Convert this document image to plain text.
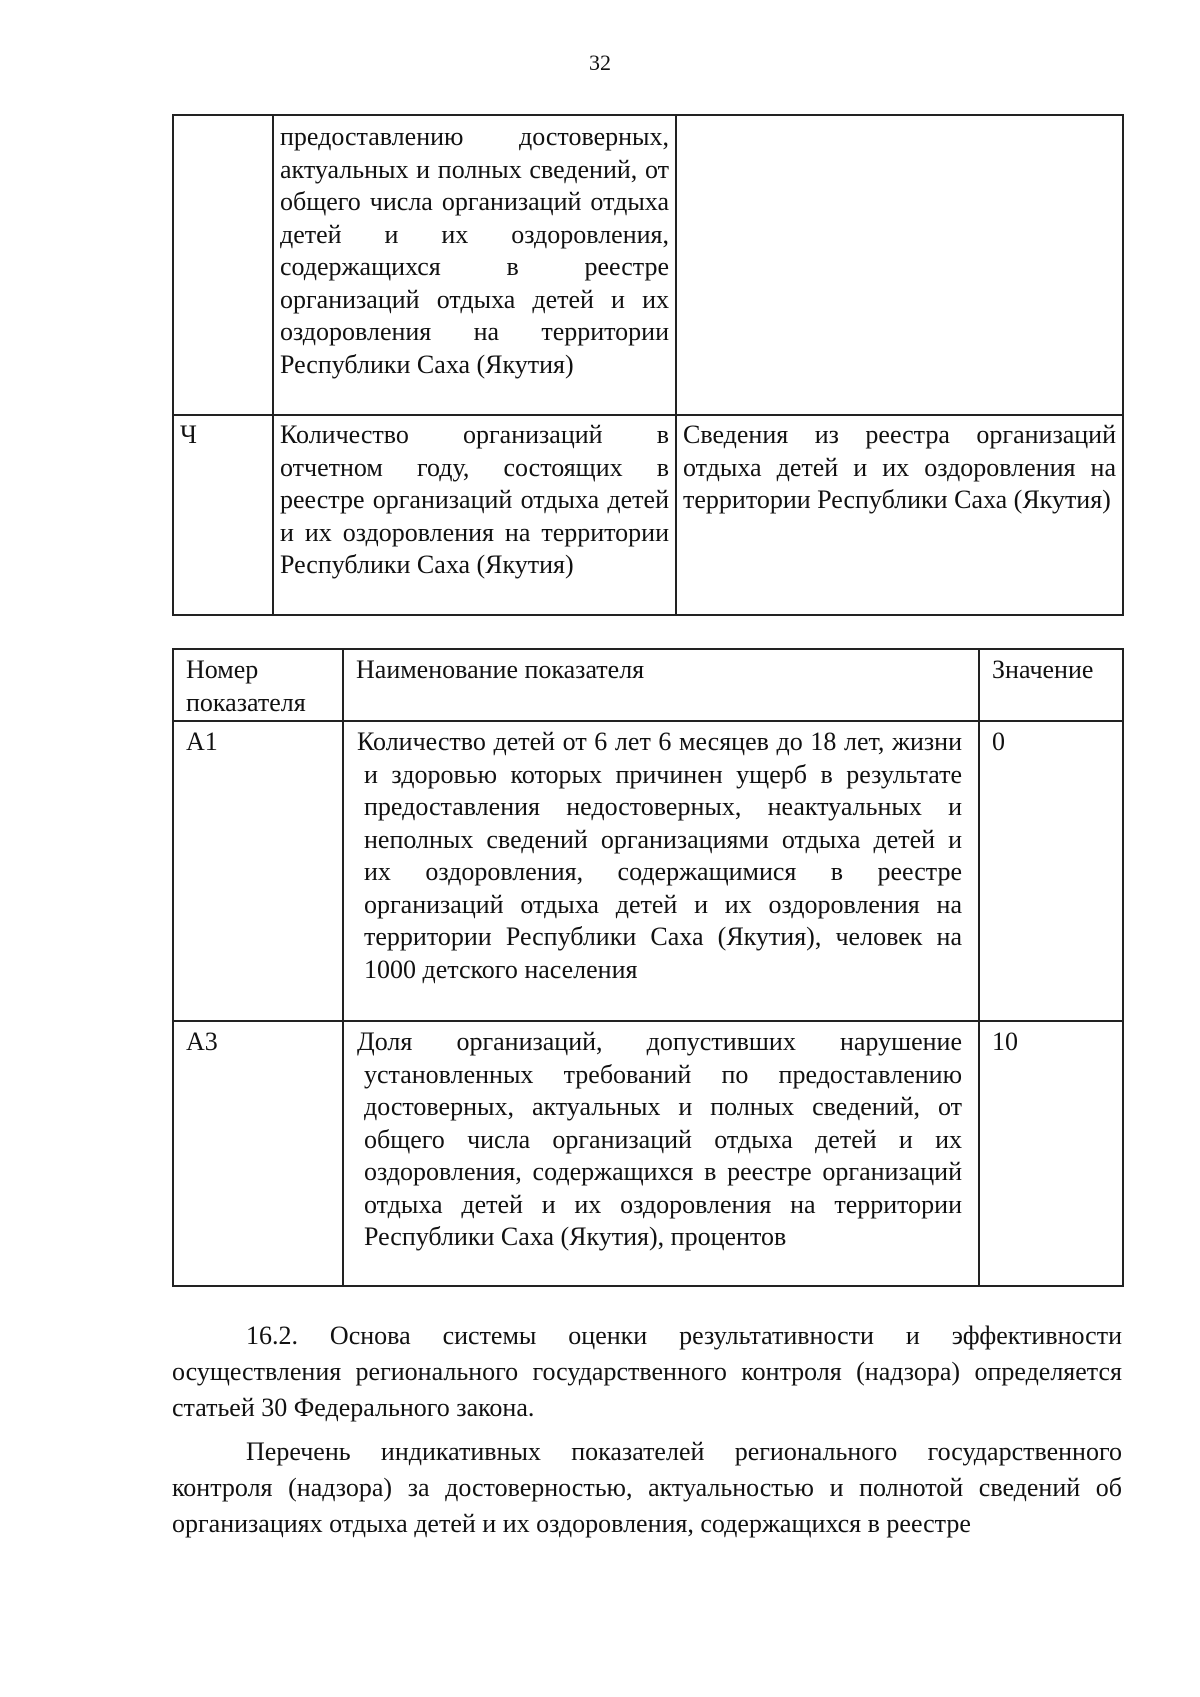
32
	предоставлению достоверных, актуальных и полных сведений, от общего числа организаций отдыха детей и их оздоровления, содержащихся в реестре организаций отдыха детей и их оздоровления на территории Республики Саха (Якутия)	
Ч	Количество организаций в отчетном году, состоящих в реестре организаций отдыха детей и их оздоровления на территории Республики Саха (Якутия)	Сведения из реестра организаций отдыха детей и их оздоровления на территории Республики Саха (Якутия)
Номер показателя	Наименование показателя	Значение
А1	Количество детей от 6 лет 6 месяцев до 18 лет, жизни и здоровью которых причинен ущерб в результате предоставления недостоверных, неактуальных и неполных сведений организациями отдыха детей и их оздоровления, содержащимися в реестре организаций отдыха детей и их оздоровления на территории Республики Саха (Якутия), человек на 1000 детского населения	0
А3	Доля организаций, допустивших нарушение установленных требований по предоставлению достоверных, актуальных и полных сведений, от общего числа организаций отдыха детей и их оздоровления, содержащихся в реестре организаций отдыха детей и их оздоровления на территории Республики Саха (Якутия), процентов	10

16.2. Основа системы оценки результативности и эффективности осуществления регионального государственного контроля (надзора) определяется статьей 30 Федерального закона.

Перечень индикативных показателей регионального государственного контроля (надзора) за достоверностью, актуальностью и полнотой сведений об организациях отдыха детей и их оздоровления, содержащихся в реестре
